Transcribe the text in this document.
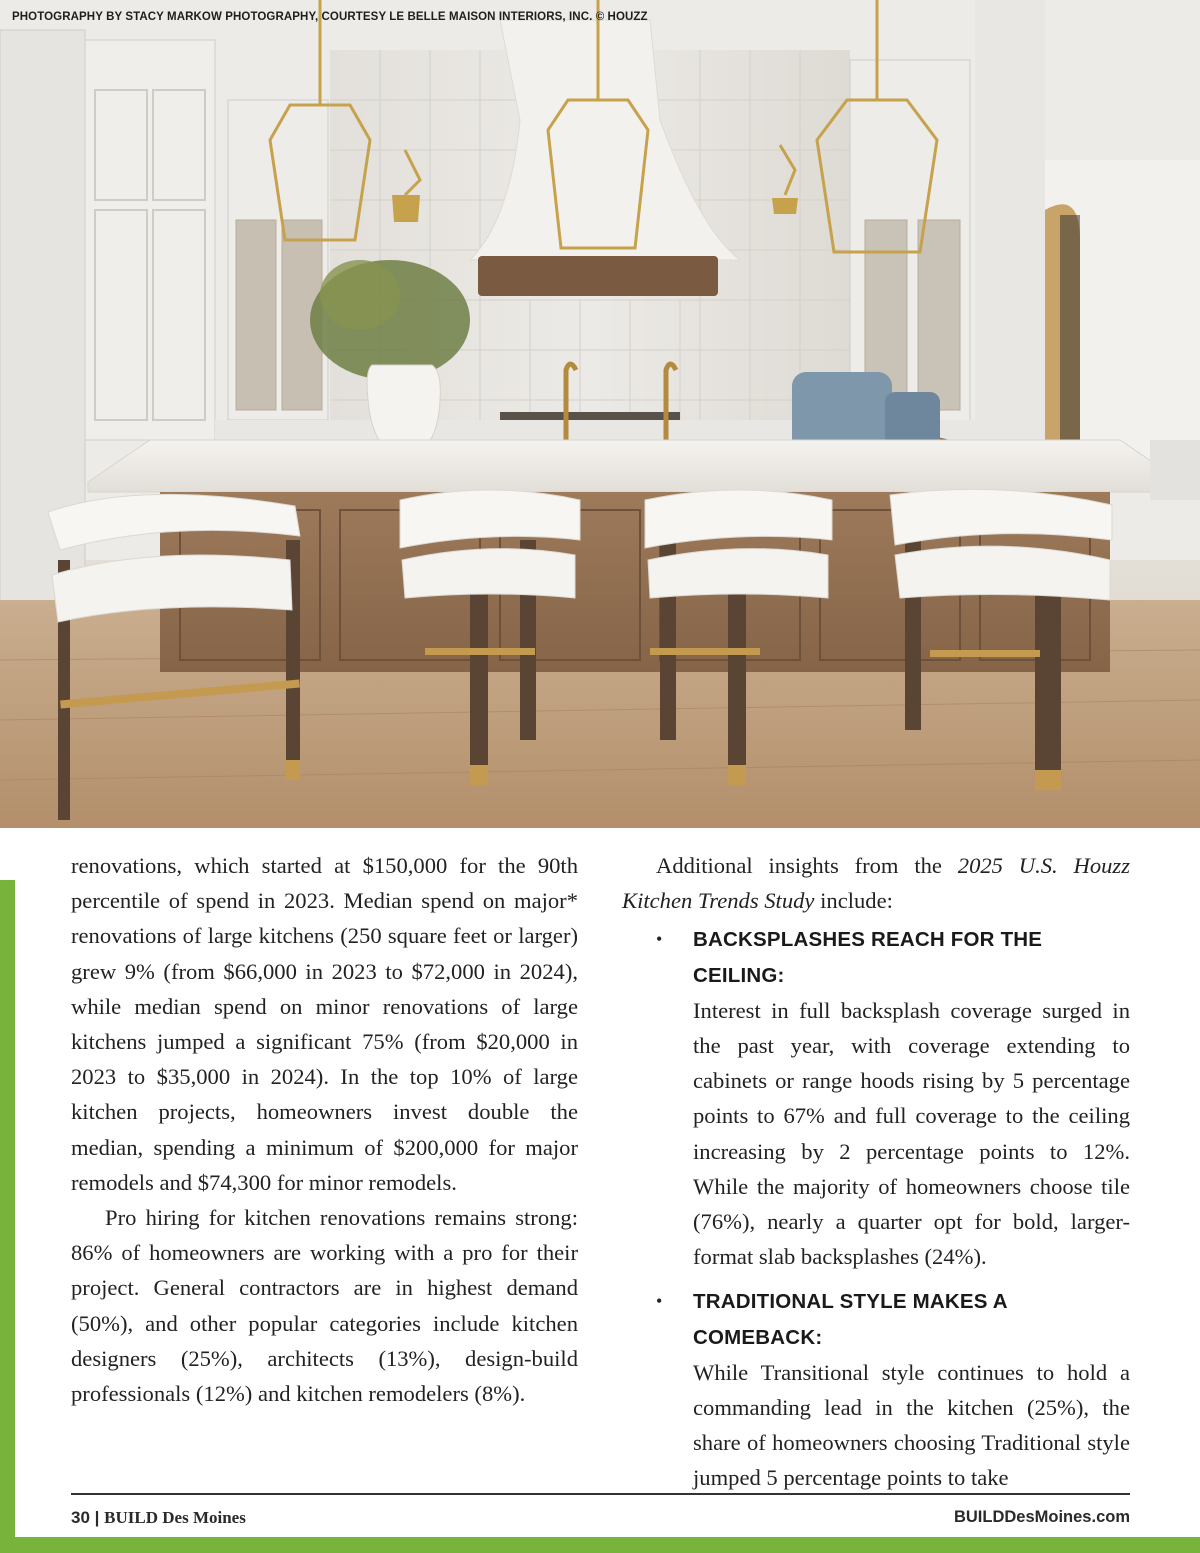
PHOTOGRAPHY BY STACY MARKOW PHOTOGRAPHY, COURTESY LE BELLE MAISON INTERIORS, INC. © HOUZZ

renovations, which started at $150,000 for the 90th percentile of spend in 2023. Median spend on major* renovations of large kitchens (250 square feet or larger) grew 9% (from $66,000 in 2023 to $72,000 in 2024), while median spend on minor renovations of large kitchens jumped a significant 75% (from $20,000 in 2023 to $35,000 in 2024). In the top 10% of large kitchen projects, homeowners invest double the median, spending a minimum of $200,000 for major remodels and $74,300 for minor remodels.

Pro hiring for kitchen renovations remains strong: 86% of homeowners are working with a pro for their project. General contractors are in highest demand (50%), and other popular categories include kitchen designers (25%), architects (13%), design-build professionals (12%) and kitchen remodelers (8%).

Additional insights from the 2025 U.S. Houzz Kitchen Trends Study include:

• BACKSPLASHES REACH FOR THE CEILING:
Interest in full backsplash coverage surged in the past year, with coverage extending to cabinets or range hoods rising by 5 percentage points to 67% and full coverage to the ceiling increasing by 2 percentage points to 12%. While the majority of homeowners choose tile (76%), nearly a quarter opt for bold, larger-format slab backsplashes (24%).
• TRADITIONAL STYLE MAKES A COMEBACK:
While Transitional style continues to hold a commanding lead in the kitchen (25%), the share of homeowners choosing Traditional style jumped 5 percentage points to take
30 | BUILD Des Moines	BUILDDesMoines.com
